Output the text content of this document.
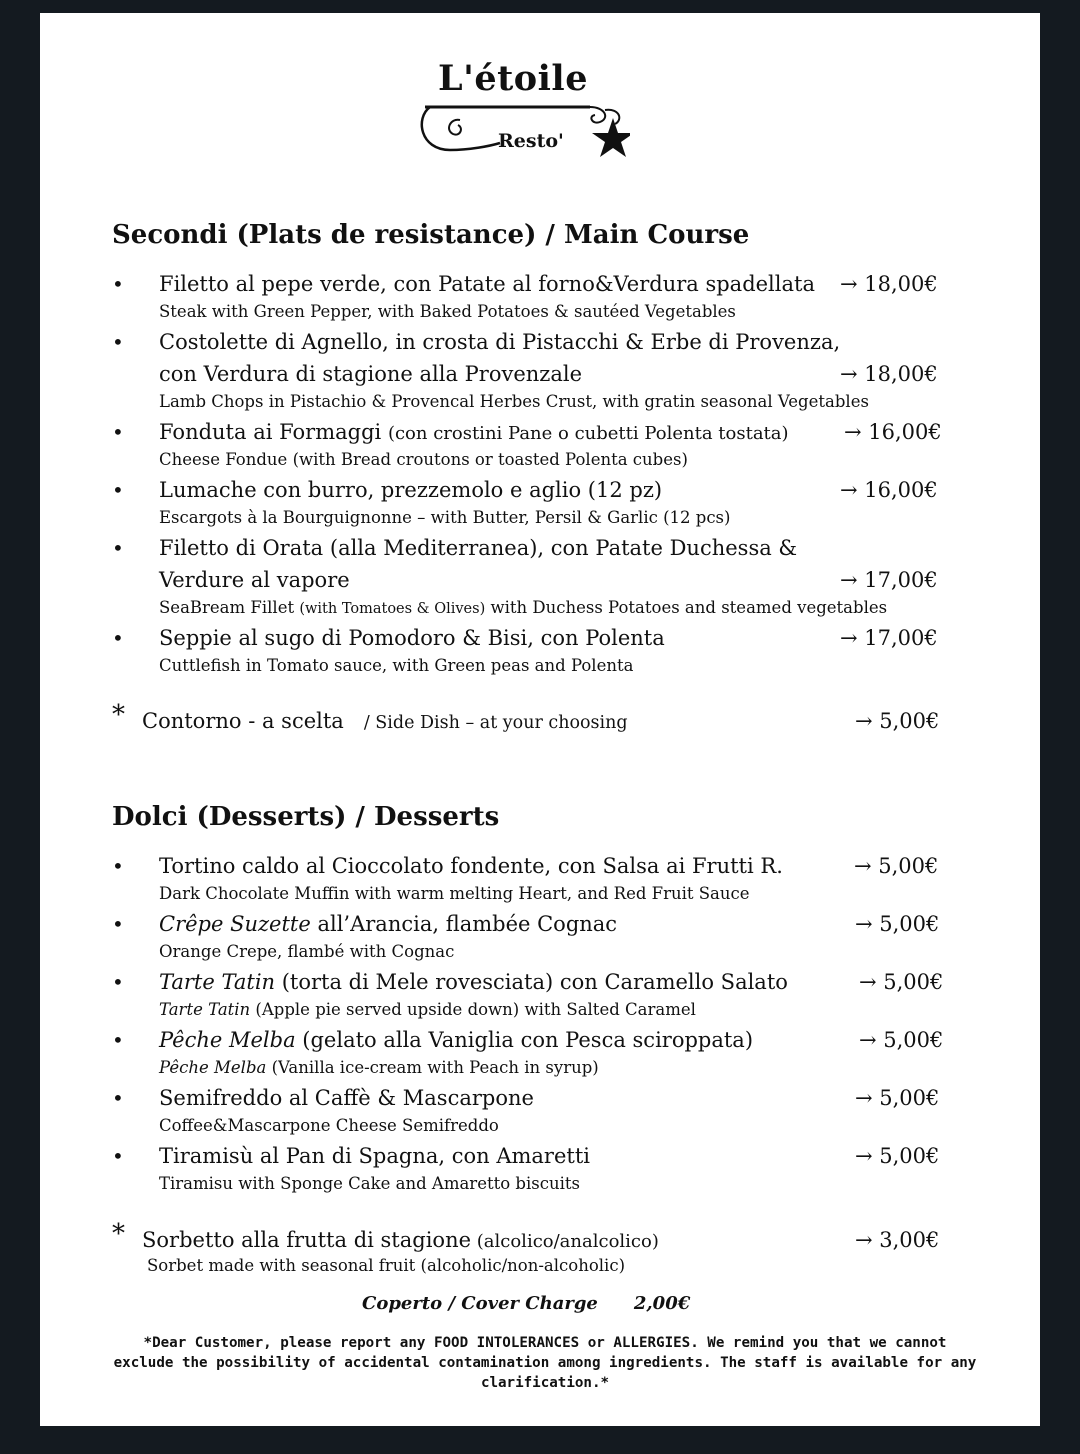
L'étoile
Resto'
Secondi (Plats de resistance) / Main Course
• Filetto al pepe verde, con Patate al forno&Verdura spadellata
Steak with Green Pepper, with Baked Potatoes & sautéed Vegetables
→ 18,00€
• Costolette di Agnello, in crosta di Pistacchi & Erbe di Provenza,
con Verdura di stagione alla Provenzale
Lamb Chops in Pistachio & Provencal Herbes Crust, with gratin seasonal Vegetables
→ 18,00€
• Fonduta ai Formaggi (con crostini Pane o cubetti Polenta tostata)
Cheese Fondue (with Bread croutons or toasted Polenta cubes)
→ 16,00€
• Lumache con burro, prezzemolo e aglio (12 pz)
Escargots à la Bourguignonne – with Butter, Persil & Garlic (12 pcs)
→ 16,00€
• Filetto di Orata (alla Mediterranea), con Patate Duchessa &
Verdure al vapore
SeaBream Fillet (with Tomatoes & Olives) with Duchess Potatoes and steamed vegetables
→ 17,00€
• Seppie al sugo di Pomodoro & Bisi, con Polenta
Cuttlefish in Tomato sauce, with Green peas and Polenta
→ 17,00€
* Contorno - a scelta / Side Dish – at your choosing	→ 5,00€
Dolci (Desserts) / Desserts
• Tortino caldo al Cioccolato fondente, con Salsa ai Frutti R.
Dark Chocolate Muffin with warm melting Heart, and Red Fruit Sauce
→ 5,00€
• Crêpe Suzette all’Arancia, flambée Cognac
Orange Crepe, flambé with Cognac
→ 5,00€
• Tarte Tatin (torta di Mele rovesciata) con Caramello Salato
Tarte Tatin (Apple pie served upside down) with Salted Caramel
→ 5,00€
• Pêche Melba (gelato alla Vaniglia con Pesca sciroppata)
Pêche Melba (Vanilla ice-cream with Peach in syrup)
→ 5,00€
• Semifreddo al Caffè & Mascarpone
Coffee&Mascarpone Cheese Semifreddo
→ 5,00€
• Tiramisù al Pan di Spagna, con Amaretti
Tiramisu with Sponge Cake and Amaretto biscuits
→ 5,00€
* Sorbetto alla frutta di stagione (alcolico/analcolico)
Sorbet made with seasonal fruit (alcoholic/non-alcoholic)
→ 3,00€
Coperto / Cover Charge 2,00€
*Dear Customer, please report any FOOD INTOLERANCES or ALLERGIES. We remind you that we cannot exclude the possibility of accidental contamination among ingredients. The staff is available for any clarification.*
